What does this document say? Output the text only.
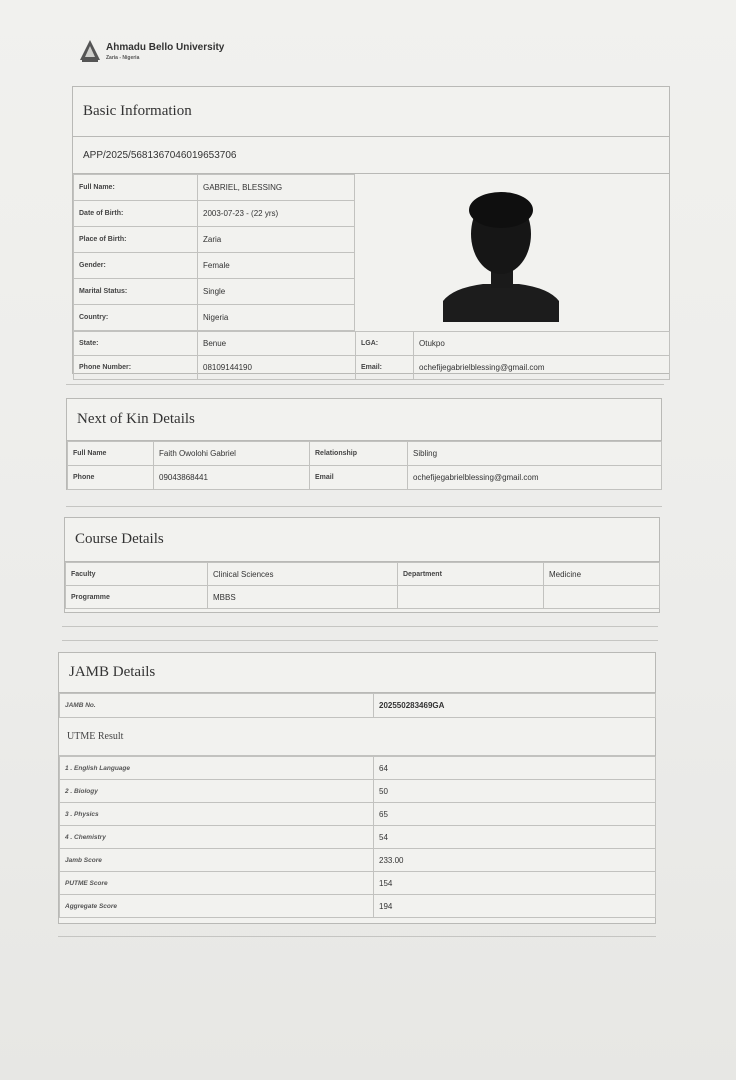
Ahmadu Bello University
Zaria - Nigeria
Basic Information
APP/2025/5681367046019653706
Full Name:	GABRIEL, BLESSING
Date of Birth:	2003-07-23 - (22 yrs)
Place of Birth:	Zaria
Gender:	Female
Marital Status:	Single
Country:	Nigeria
State:	Benue	LGA:	Otukpo
Phone Number:	08109144190	Email:	ochefijegabrielblessing@gmail.com
Next of Kin Details
Full Name	Faith Owolohi Gabriel	Relationship	Sibling
Phone	09043868441	Email	ochefijegabrielblessing@gmail.com
Course Details
Faculty	Clinical Sciences	Department	Medicine
Programme	MBBS		
JAMB Details
JAMB No.	202550283469GA
UTME Result
1 . English Language	64
2 . Biology	50
3 . Physics	65
4 . Chemistry	54
Jamb Score	233.00
PUTME Score	154
Aggregate Score	194
